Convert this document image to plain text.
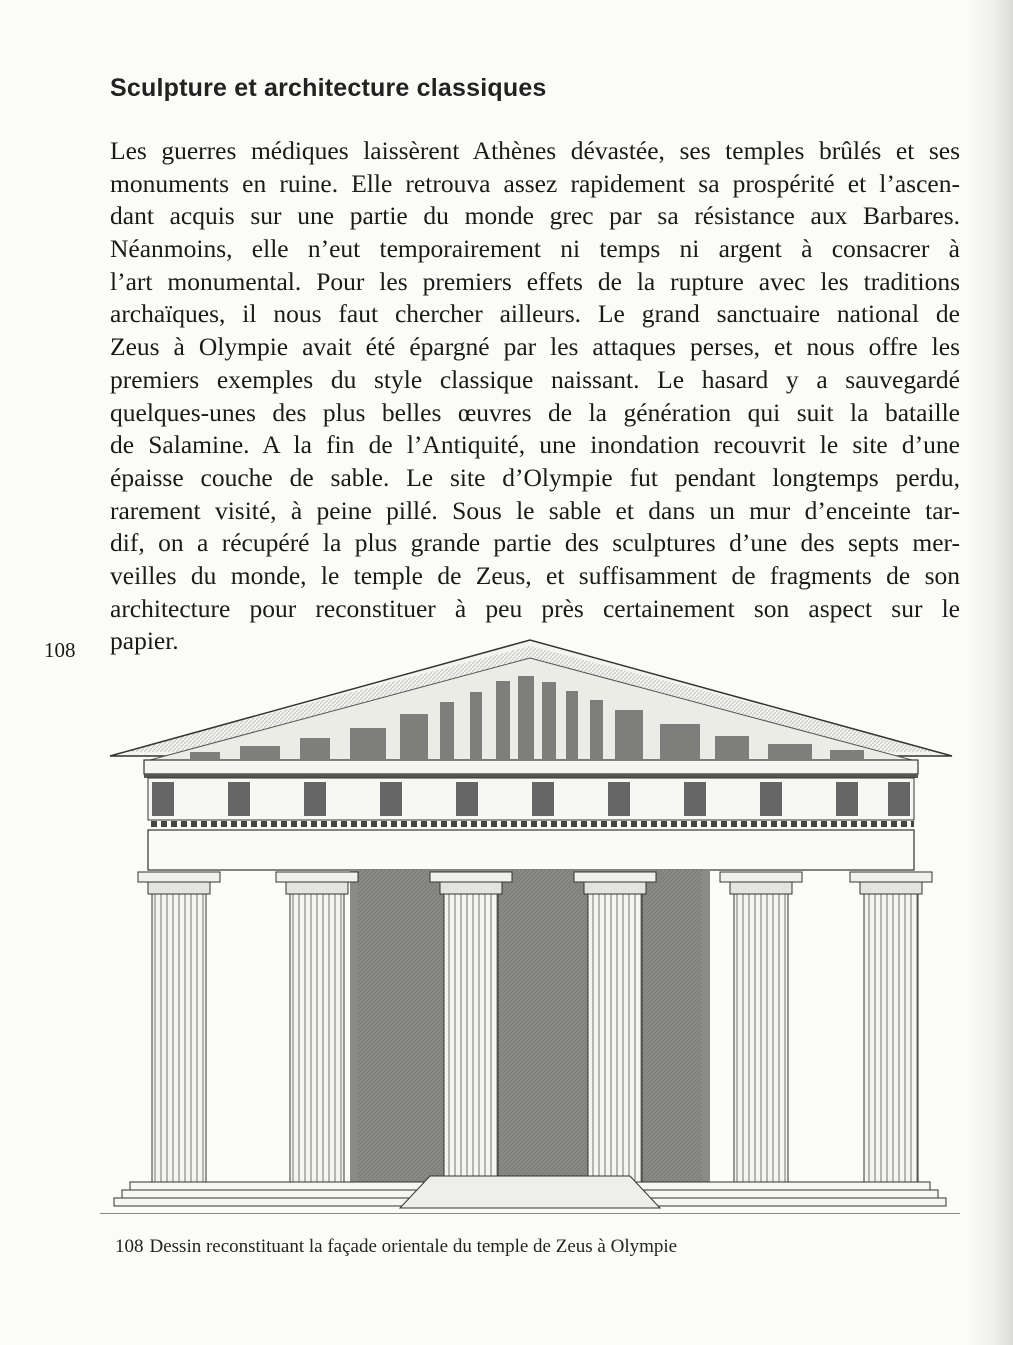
Sculpture et architecture classiques
Les guerres médiques laissèrent Athènes dévastée, ses temples brûlés et ses
monuments en ruine. Elle retrouva assez rapidement sa prospérité et l’ascen-
dant acquis sur une partie du monde grec par sa résistance aux Barbares.
Néanmoins, elle n’eut temporairement ni temps ni argent à consacrer à
l’art monumental. Pour les premiers effets de la rupture avec les traditions
archaïques, il nous faut chercher ailleurs. Le grand sanctuaire national de
Zeus à Olympie avait été épargné par les attaques perses, et nous offre les
premiers exemples du style classique naissant. Le hasard y a sauvegardé
quelques-unes des plus belles œuvres de la génération qui suit la bataille
de Salamine. A la fin de l’Antiquité, une inondation recouvrit le site d’une
épaisse couche de sable. Le site d’Olympie fut pendant longtemps perdu,
rarement visité, à peine pillé. Sous le sable et dans un mur d’enceinte tar-
dif, on a récupéré la plus grande partie des sculptures d’une des septs mer-
veilles du monde, le temple de Zeus, et suffisamment de fragments de son
architecture pour reconstituer à peu près certainement son aspect sur le
papier.
108
108 Dessin reconstituant la façade orientale du temple de Zeus à Olympie
